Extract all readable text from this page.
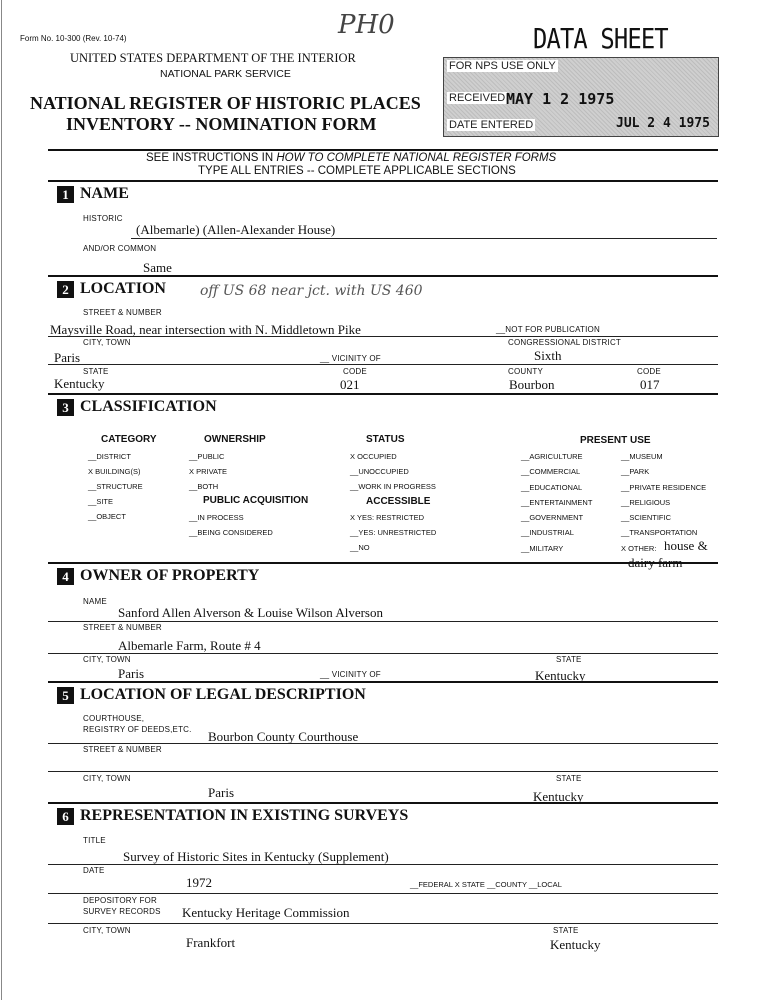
Form No. 10-300 (Rev. 10-74)	PH0	DATA SHEET
UNITED STATES DEPARTMENT OF THE INTERIOR
NATIONAL PARK SERVICE
NATIONAL REGISTER OF HISTORIC PLACES
INVENTORY -- NOMINATION FORM
FOR NPS USE ONLY
RECEIVED MAY 1 2 1975
DATE ENTERED	JUL 2 4 1975
SEE INSTRUCTIONS IN HOW TO COMPLETE NATIONAL REGISTER FORMS
TYPE ALL ENTRIES -- COMPLETE APPLICABLE SECTIONS
1 NAME
HISTORIC
(Albemarle) (Allen-Alexander House)
AND/OR COMMON
Same
2 LOCATION off US 68 near jct. with US 460
STREET & NUMBER
Maysville Road, near intersection with N. Middletown Pike	__NOT FOR PUBLICATION
CITY, TOWN	CONGRESSIONAL DISTRICT
Paris	__ VICINITY OF	Sixth
STATE	CODE	COUNTY	CODE
Kentucky	021	Bourbon	017
3 CLASSIFICATION
CATEGORY
__DISTRICT
X BUILDING(S)
__STRUCTURE
__SITE
__OBJECT
OWNERSHIP
__PUBLIC
X PRIVATE
__BOTH
PUBLIC ACQUISITION
__IN PROCESS
__BEING CONSIDERED
STATUS
X OCCUPIED
__UNOCCUPIED
__WORK IN PROGRESS
ACCESSIBLE
X YES: RESTRICTED
__YES: UNRESTRICTED
__NO
PRESENT USE
__AGRICULTURE
__COMMERCIAL
__EDUCATIONAL
__ENTERTAINMENT
__GOVERNMENT
__INDUSTRIAL
__MILITARY
__MUSEUM
__PARK
__PRIVATE RESIDENCE
__RELIGIOUS
__SCIENTIFIC
__TRANSPORTATION
X OTHER: house &
dairy farm
4 OWNER OF PROPERTY
NAME
Sanford Allen Alverson & Louise Wilson Alverson
STREET & NUMBER
Albemarle Farm, Route # 4
CITY, TOWN	STATE
Paris	__ VICINITY OF	Kentucky
5 LOCATION OF LEGAL DESCRIPTION
COURTHOUSE,
REGISTRY OF DEEDS,ETC. Bourbon County Courthouse
STREET & NUMBER
CITY, TOWN	STATE
Paris	Kentucky
6 REPRESENTATION IN EXISTING SURVEYS
TITLE
Survey of Historic Sites in Kentucky (Supplement)
DATE
1972	__FEDERAL X STATE __COUNTY __LOCAL
DEPOSITORY FOR
SURVEY RECORDS Kentucky Heritage Commission
CITY, TOWN	STATE
Frankfort	Kentucky
